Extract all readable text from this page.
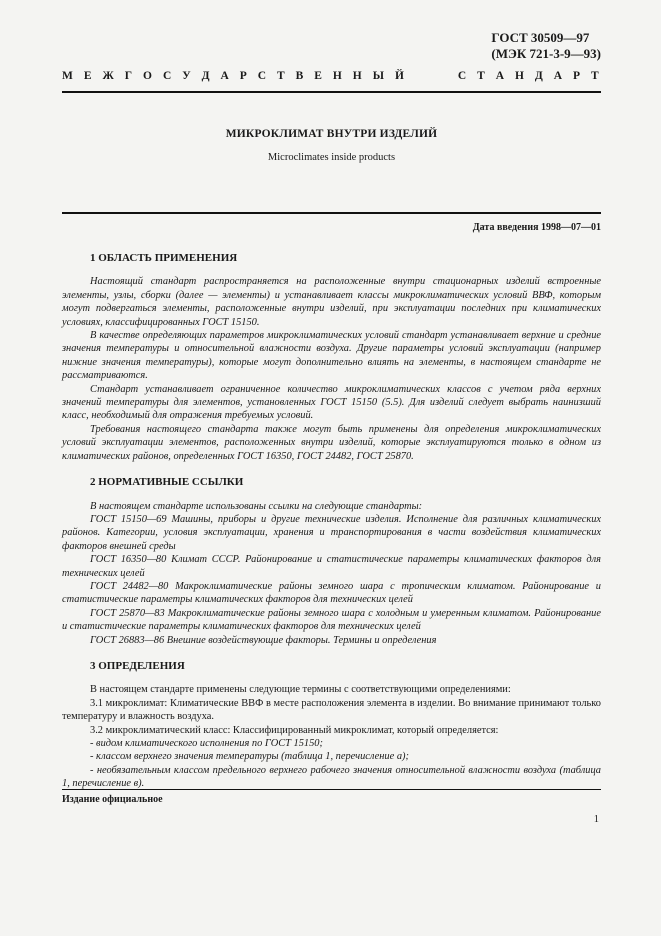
ГОСТ 30509—97
(МЭК 721-3-9—93)
М Е Ж Г О С У Д А Р С Т В Е Н Н Ы Й	С Т А Н Д А Р Т
МИКРОКЛИМАТ ВНУТРИ ИЗДЕЛИЙ
Microclimates inside products
Дата введения 1998—07—01
1 ОБЛАСТЬ ПРИМЕНЕНИЯ

Настоящий стандарт распространяется на расположенные внутри стационарных изделий встроенные элементы, узлы, сборки (далее — элементы) и устанавливает классы микроклиматических условий ВВФ, которым могут подвергаться элементы, расположенные внутри изделий, при эксплуатации последних при климатических условиях, классифицированных ГОСТ 15150.

В качестве определяющих параметров микроклиматических условий стандарт устанавливает верхние и средние значения температуры и относительной влажности воздуха. Другие параметры условий эксплуатации (например нижние значения температуры), которые могут дополнительно влиять на элементы, в настоящем стандарте не рассматриваются.

Стандарт устанавливает ограниченное количество микроклиматических классов с учетом ряда верхних значений температуры для элементов, установленных ГОСТ 15150 (5.5). Для изделий следует выбрать наинизший класс, необходимый для отражения требуемых условий.

Требования настоящего стандарта также могут быть применены для определения микроклиматических условий эксплуатации элементов, расположенных внутри изделий, которые эксплуатируются только в одном из климатических районов, определенных ГОСТ 16350, ГОСТ 24482, ГОСТ 25870.

2 НОРМАТИВНЫЕ ССЫЛКИ

В настоящем стандарте использованы ссылки на следующие стандарты:

ГОСТ 15150—69 Машины, приборы и другие технические изделия. Исполнение для различных климатических районов. Категории, условия эксплуатации, хранения и транспортирования в части воздействия климатических факторов внешней среды

ГОСТ 16350—80 Климат СССР. Районирование и статистические параметры климатических факторов для технических целей

ГОСТ 24482—80 Макроклиматические районы земного шара с тропическим климатом. Районирование и статистические параметры климатических факторов для технических целей

ГОСТ 25870—83 Макроклиматические районы земного шара с холодным и умеренным климатом. Районирование и статистические параметры климатических факторов для технических целей

ГОСТ 26883—86 Внешние воздействующие факторы. Термины и определения

3 ОПРЕДЕЛЕНИЯ

В настоящем стандарте применены следующие термины с соответствующими определениями:

3.1 микроклимат: Климатические ВВФ в месте расположения элемента в изделии. Во внимание принимают только температуру и влажность воздуха.

3.2 микроклиматический класс: Классифицированный микроклимат, который определяется:

- видом климатического исполнения по ГОСТ 15150;

- классом верхнего значения температуры (таблица 1, перечисление а);

- необязательным классом предельного верхнего рабочего значения относительной влажности воздуха (таблица 1, перечисление в).

Издание официальное
1
